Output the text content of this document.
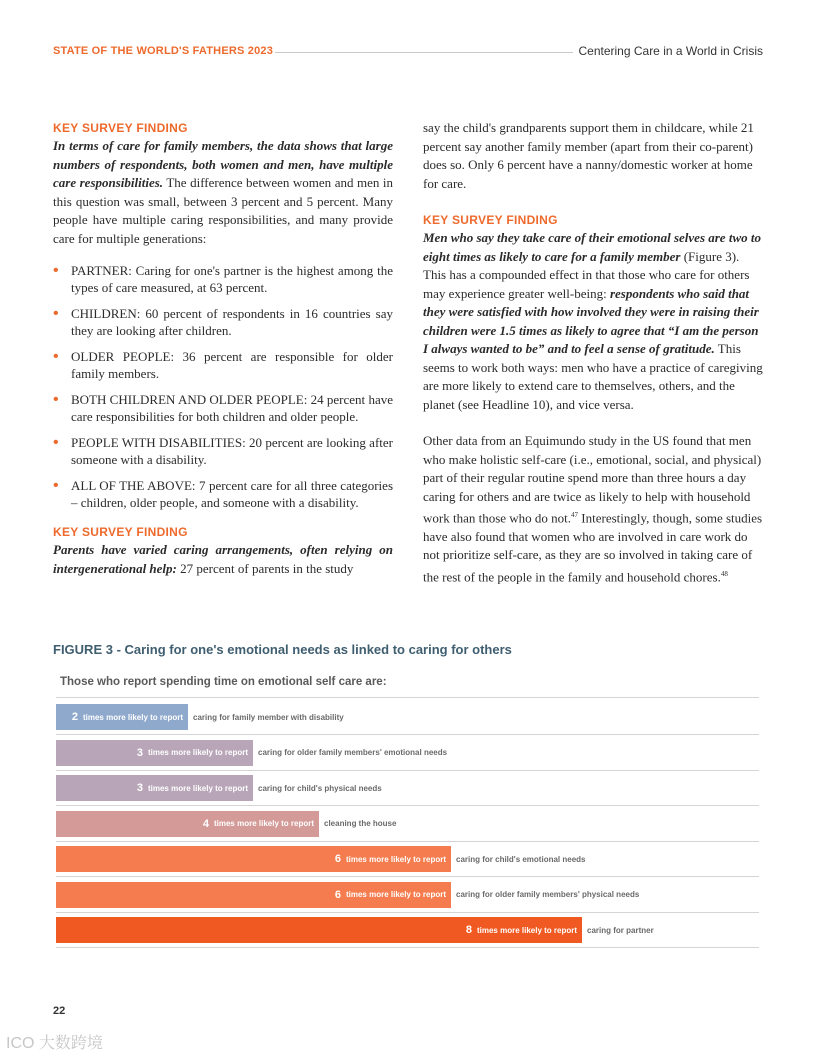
STATE OF THE WORLD'S FATHERS 2023	Centering Care in a World in Crisis
KEY SURVEY FINDING

In terms of care for family members, the data shows that large numbers of respondents, both women and men, have multiple care responsibilities. The difference between women and men in this question was small, between 3 percent and 5 percent. Many people have multiple caring responsibilities, and many provide care for multiple generations:

• PARTNER: Caring for one's partner is the highest among the types of care measured, at 63 percent.
• CHILDREN: 60 percent of respondents in 16 countries say they are looking after children.
• OLDER PEOPLE: 36 percent are responsible for older family members.
• BOTH CHILDREN AND OLDER PEOPLE: 24 percent have care responsibilities for both children and older people.
• PEOPLE WITH DISABILITIES: 20 percent are looking after someone with a disability.
• ALL OF THE ABOVE: 7 percent care for all three categories – children, older people, and someone with a disability.
KEY SURVEY FINDING

Parents have varied caring arrangements, often relying on intergenerational help: 27 percent of parents in the study

say the child's grandparents support them in childcare, while 21 percent say another family member (apart from their co-parent) does so. Only 6 percent have a nanny/domestic worker at home for care.

KEY SURVEY FINDING

Men who say they take care of their emotional selves are two to eight times as likely to care for a family member (Figure 3). This has a compounded effect in that those who care for others may experience greater well-being: respondents who said that they were satisfied with how involved they were in raising their children were 1.5 times as likely to agree that “I am the person I always wanted to be” and to feel a sense of gratitude. This seems to work both ways: men who have a practice of caregiving are more likely to extend care to themselves, others, and the planet (see Headline 10), and vice versa.

Other data from an Equimundo study in the US found that men who make holistic self-care (i.e., emotional, social, and physical) part of their regular routine spend more than three hours a day caring for others and are twice as likely to help with household work than those who do not.$^{47}$ Interestingly, though, some studies have also found that women who are involved in care work do not prioritize self-care, as they are so involved in taking care of the rest of the people in the family and household chores.$^{48}$

FIGURE 3 - Caring for one's emotional needs as linked to caring for others
Those who report spending time on emotional self care are:
2 times more likely to report	caring for family member with disability
3 times more likely to report	caring for older family members' emotional needs
3 times more likely to report	caring for child's physical needs
4 times more likely to report	cleaning the house
6 times more likely to report	caring for child's emotional needs
6 times more likely to report	caring for older family members' physical needs
8 times more likely to report	caring for partner
22
ICO 大数跨境
